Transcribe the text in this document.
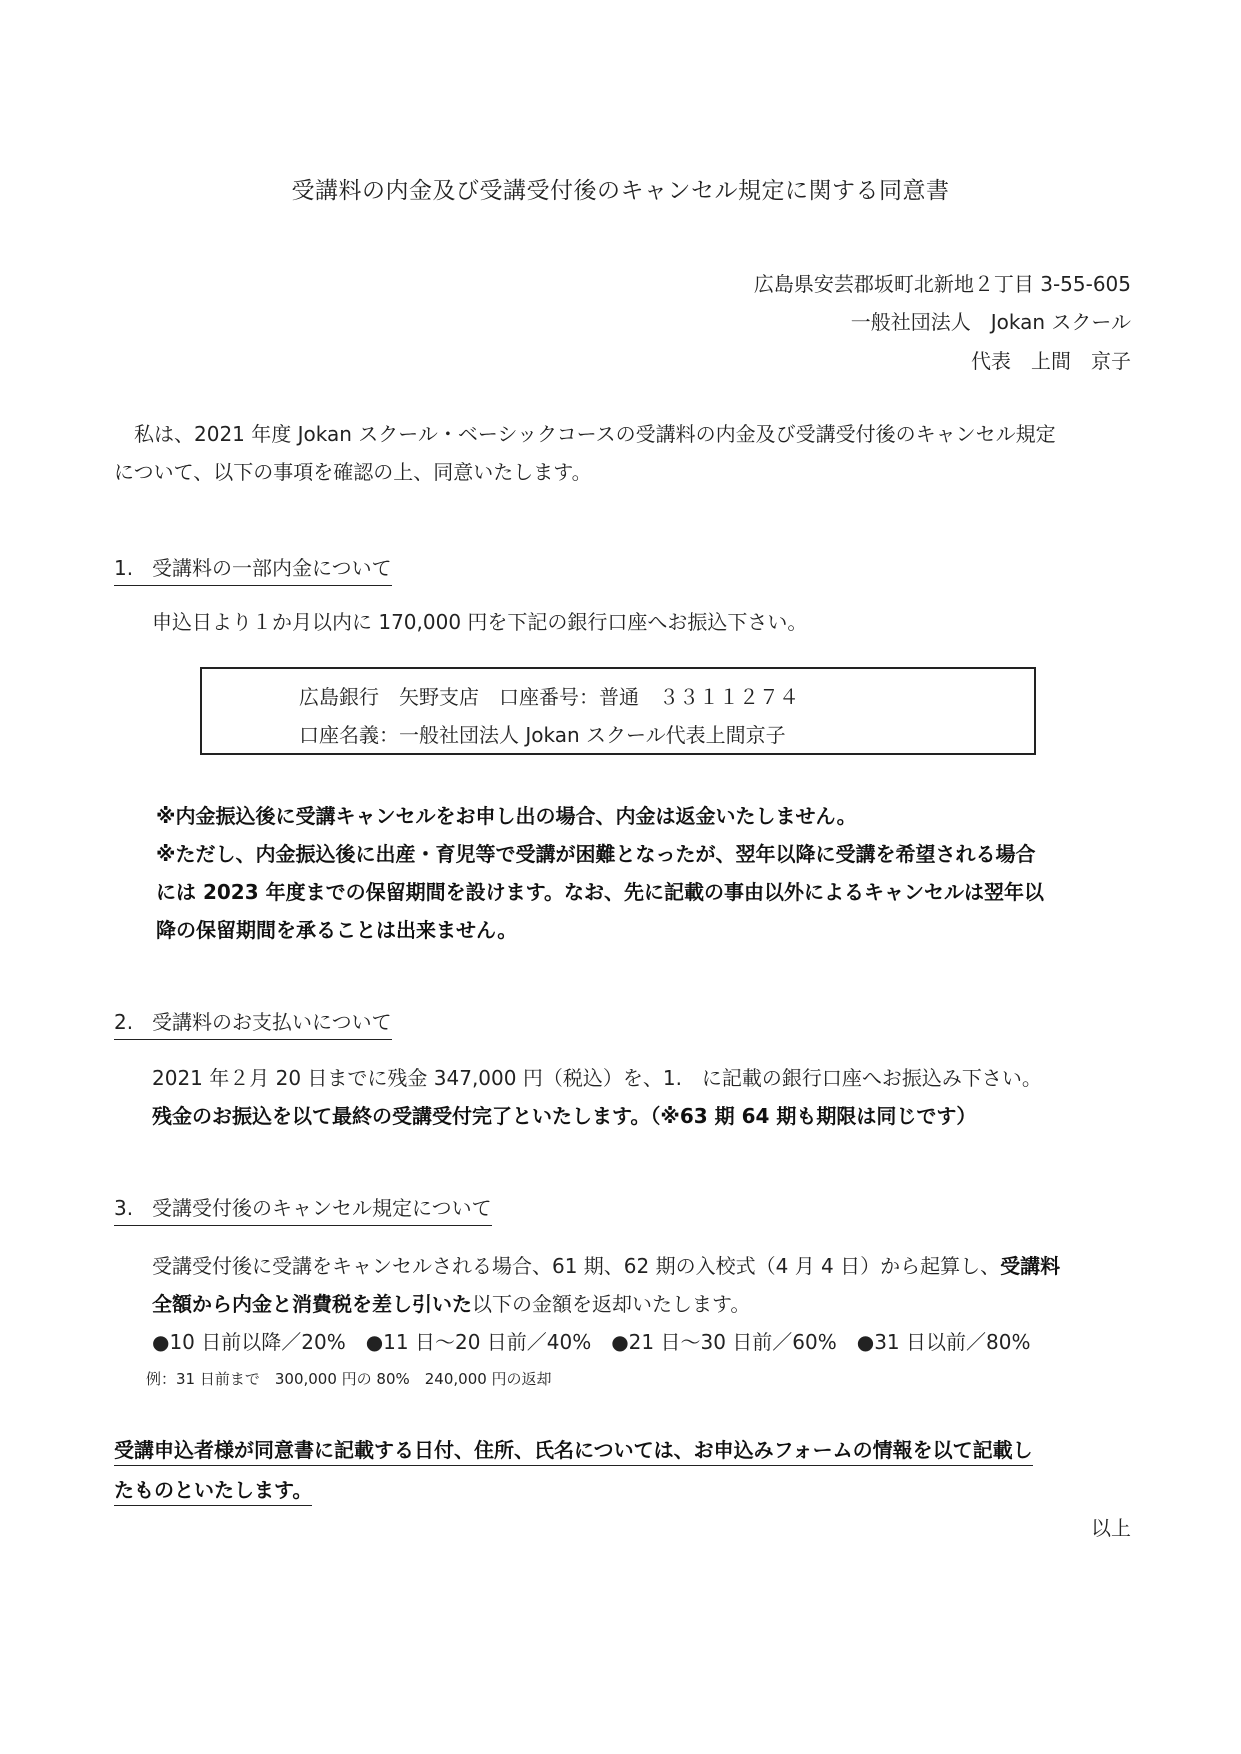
受講料の内金及び受講受付後のキャンセル規定に関する同意書
広島県安芸郡坂町北新地２丁目 3-55-605
一般社団法人　Jokan スクール
代表　上間　京子
　私は、2021 年度 Jokan スクール・ベーシックコースの受講料の内金及び受講受付後のキャンセル規定
について、以下の事項を確認の上、同意いたします。
1. 受講料の一部内金について
申込日より１か月以内に 170,000 円を下記の銀行口座へお振込下さい。
広島銀行　矢野支店　口座番号：普通　３３１１２７４
口座名義：一般社団法人 Jokan スクール代表上間京子
※内金振込後に受講キャンセルをお申し出の場合、内金は返金いたしません。
※ただし、内金振込後に出産・育児等で受講が困難となったが、翌年以降に受講を希望される場合
には 2023 年度までの保留期間を設けます。なお、先に記載の事由以外によるキャンセルは翌年以
降の保留期間を承ることは出来ません。
2. 受講料のお支払いについて
2021 年２月 20 日までに残金 347,000 円（税込）を、1.　に記載の銀行口座へお振込み下さい。
残金のお振込を以て最終の受講受付完了といたします。（※63 期 64 期も期限は同じです）
3. 受講受付後のキャンセル規定について
受講受付後に受講をキャンセルされる場合、61 期、62 期の入校式（4 月 4 日）から起算し、受講料
全額から内金と消費税を差し引いた以下の金額を返却いたします。
●10 日前以降／20%　●11 日～20 日前／40%　●21 日～30 日前／60%　●31 日以前／80%
例：31 日前まで　300,000 円の 80%　240,000 円の返却
受講申込者様が同意書に記載する日付、住所、氏名については、お申込みフォームの情報を以て記載し
たものといたします。
以上
